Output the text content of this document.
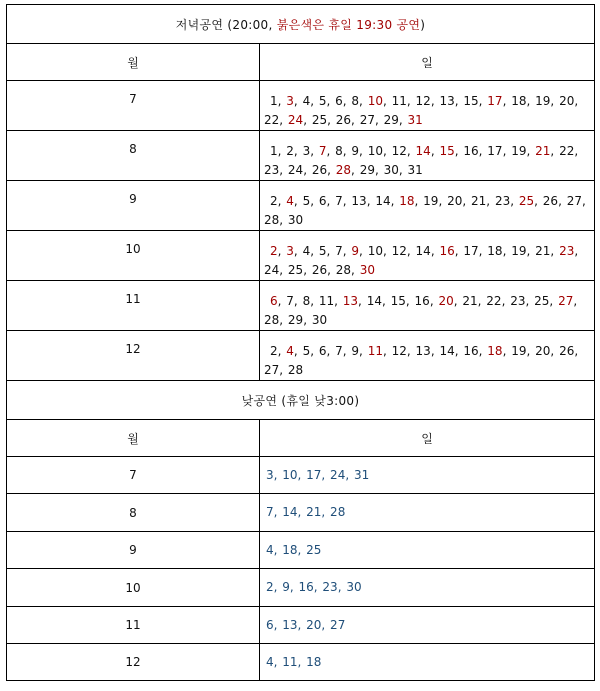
저녁공연 (20:00, 붉은색은 휴일 19:30 공연)	
월	일
7	1, 3, 4, 5, 6, 8, 10, 11, 12, 13, 15, 17, 18, 19, 20, 22, 24, 25, 26, 27, 29, 31
8	1, 2, 3, 7, 8, 9, 10, 12, 14, 15, 16, 17, 19, 21, 22, 23, 24, 26, 28, 29, 30, 31
9	2, 4, 5, 6, 7, 13, 14, 18, 19, 20, 21, 23, 25, 26, 27, 28, 30
10	2, 3, 4, 5, 7, 9, 10, 12, 14, 16, 17, 18, 19, 21, 23, 24, 25, 26, 28, 30
11	6, 7, 8, 11, 13, 14, 15, 16, 20, 21, 22, 23, 25, 27, 28, 29, 30
12	2, 4, 5, 6, 7, 9, 11, 12, 13, 14, 16, 18, 19, 20, 26, 27, 28
낮공연 (휴일 낮3:00)	
월	일
7	3, 10, 17, 24, 31
8	7, 14, 21, 28
9	4, 18, 25
10	2, 9, 16, 23, 30
11	6, 13, 20, 27
12	4, 11, 18
